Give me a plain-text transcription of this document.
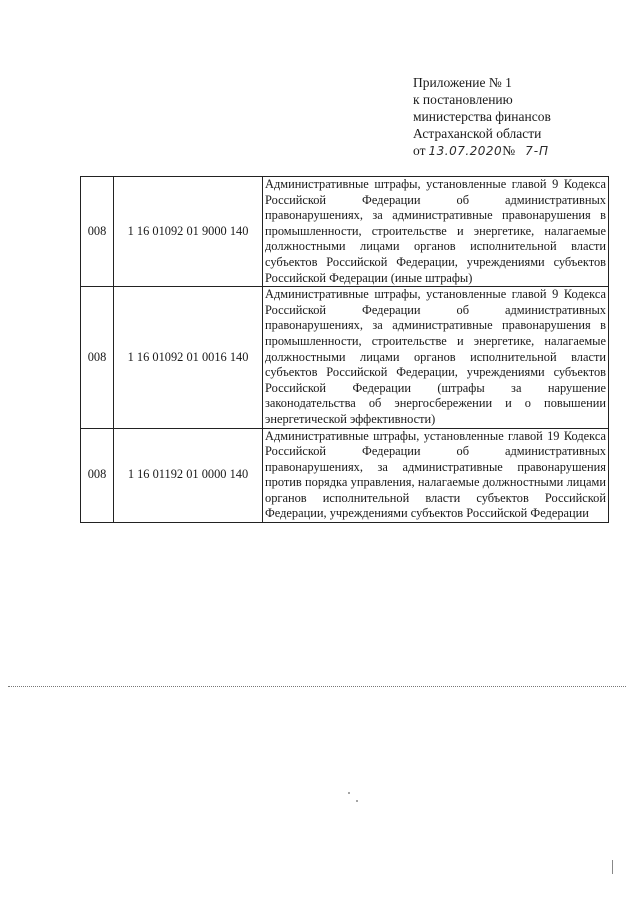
Приложение № 1
к постановлению
министерства финансов
Астраханской области
от 13.07.2020№ 7-П
008	1 16 01092 01 9000 140	Административные штрафы, установленные главой 9 Кодекса Российской Федерации об административных правонарушениях, за административные правонарушения в промышленности, строительстве и энергетике, налагаемые должностными лицами органов исполнительной власти субъектов Российской Федерации, учреждениями субъектов Российской Федерации (иные штрафы)
008	1 16 01092 01 0016 140	Административные штрафы, установленные главой 9 Кодекса Российской Федерации об административных правонарушениях, за административные правонарушения в промышленности, строительстве и энергетике, налагаемые должностными лицами органов исполнительной власти субъектов Российской Федерации, учреждениями субъектов Российской Федерации (штрафы за нарушение законодательства об энергосбережении и о повышении энергетической эффективности)
008	1 16 01192 01 0000 140	Административные штрафы, установленные главой 19 Кодекса Российской Федерации об административных правонарушениях, за административные правонарушения против порядка управления, налагаемые должностными лицами органов исполнительной власти субъектов Российской Федерации, учреждениями субъектов Российской Федерации
